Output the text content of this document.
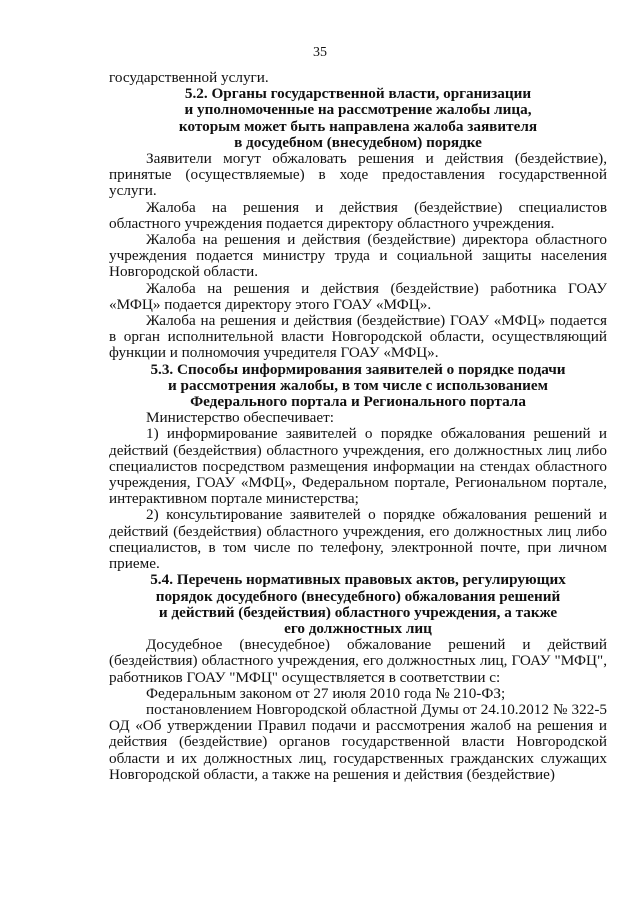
35

государственной услуги.

5.2. Органы государственной власти, организации
и уполномоченные на рассмотрение жалобы лица,
которым может быть направлена жалоба заявителя
в досудебном (внесудебном) порядке

Заявители могут обжаловать решения и действия (бездействие), принятые (осуществляемые) в ходе предоставления государственной услуги.

Жалоба на решения и действия (бездействие) специалистов областного учреждения подается директору областного учреждения.

Жалоба на решения и действия (бездействие) директора областного учреждения подается министру труда и социальной защиты населения Новгородской области.

Жалоба на решения и действия (бездействие) работника ГОАУ «МФЦ» подается директору этого ГОАУ «МФЦ».

Жалоба на решения и действия (бездействие) ГОАУ «МФЦ» подается в орган исполнительной власти Новгородской области, осуществляющий функции и полномочия учредителя ГОАУ «МФЦ».

5.3. Способы информирования заявителей о порядке подачи
и рассмотрения жалобы, в том числе с использованием
Федерального портала и Регионального портала

Министерство обеспечивает:

1) информирование заявителей о порядке обжалования решений и действий (бездействия) областного учреждения, его должностных лиц либо специалистов посредством размещения информации на стендах областного учреждения, ГОАУ «МФЦ», Федеральном портале, Региональном портале, интерактивном портале министерства;

2) консультирование заявителей о порядке обжалования решений и действий (бездействия) областного учреждения, его должностных лиц либо специалистов, в том числе по телефону, электронной почте, при личном приеме.

5.4. Перечень нормативных правовых актов, регулирующих
порядок досудебного (внесудебного) обжалования решений
и действий (бездействия) областного учреждения, а также
его должностных лиц

Досудебное (внесудебное) обжалование решений и действий (бездействия) областного учреждения, его должностных лиц, ГОАУ "МФЦ", работников ГОАУ "МФЦ" осуществляется в соответствии с:

Федеральным законом от 27 июля 2010 года № 210-ФЗ;

постановлением Новгородской областной Думы от 24.10.2012 № 322-5 ОД «Об утверждении Правил подачи и рассмотрения жалоб на решения и действия (бездействие) органов государственной власти Новгородской области и их должностных лиц, государственных гражданских служащих Новгородской области, а также на решения и действия (бездействие)
